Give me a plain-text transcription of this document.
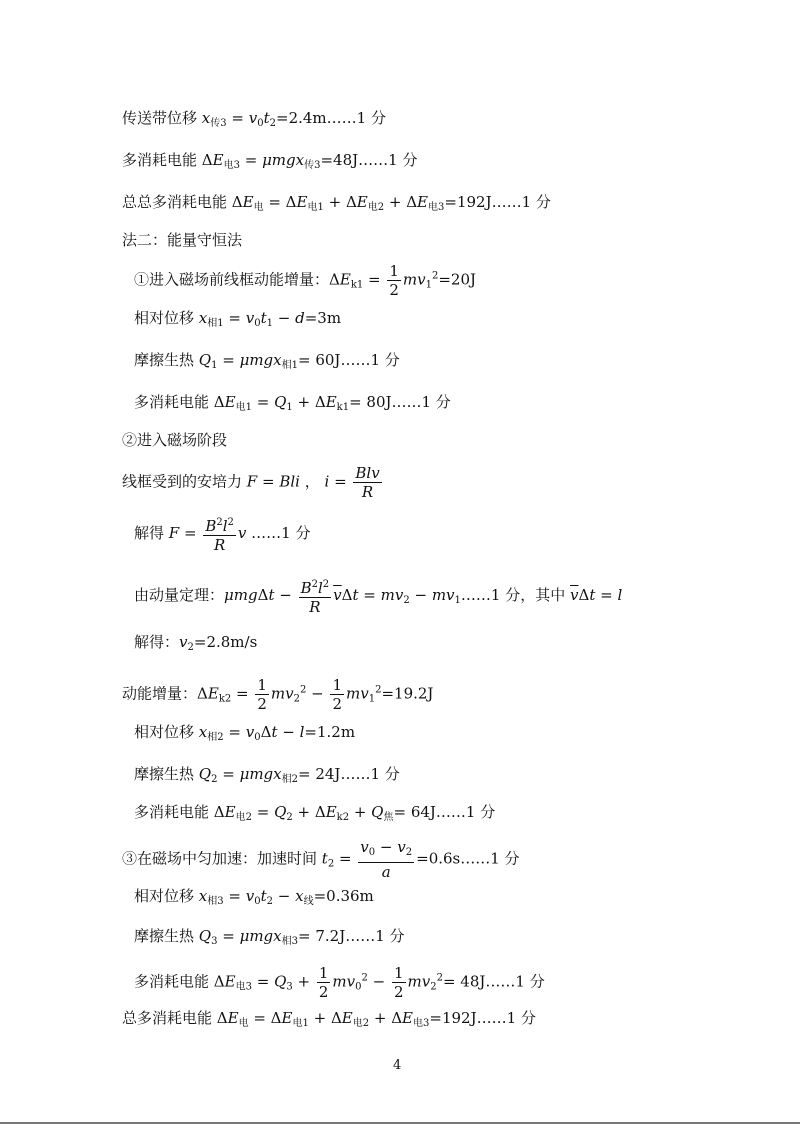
传送带位移 $x_{传3}$ = $v_0t_2=2.4m\dots\dots 1$ 分
多消耗电能 $\Delta E_{电3}$ = μmgx$_{传3}$=48J……1 分
总总多消耗电能 $\Delta E_电 = \Delta E_{电1} + \Delta E_{电2}$ + $\Delta E_{电3}=192J\dots\dots 1$ 分
法二：能量守恒法
①进入磁场前线框动能增量：$\Delta E_{k1} = \frac{1}{2} mv_1^2=20J$
相对位移 $x_{相1} = v_0t_1 - d=3m$
摩擦生热 $Q_1 = \mu mgx_{相1}=$ 60J……1 分
多消耗电能 $\Delta E_{电1} = Q_1 + \Delta E_{k1}=$ 80J……1 分
②进入磁场阶段
线框受到的安培力 F = Bli ， $i = \frac{\text{Blv}}{R}$
解得 $F = \frac{B^2l^2}{R}$ v ……1 分
由动量定理：$\mu mg\Delta t - \frac{B^2l^2}{R} \overline{v}\Delta t = mv_2$ − $mv_1\dots\dots 1$ 分，其中 $\overline{v}\Delta t = l$
解得：$v_2=2.8m/s$
动能增量：$\Delta E_{k2} = \frac{1}{2} mv_2^2 - \frac{1}{2} mv_1^2=19.2J$
相对位移 $x_{相2} = v_0\Delta t - l=1.2m$
摩擦生热 $Q_2 = \mu mgx_{相2}=$ 24J……1 分
多消耗电能 $\Delta E_{电2} = Q_2 + \Delta E_{k2} + Q_焦=$ 64J……1 分
③在磁场中匀加速：加速时间 $t_2 = \frac{v_0 - v_2}{a}$ =0.6s……1 分
相对位移 $x_{相3} = v_0t_2 - x_线=0.36m$
摩擦生热 $Q_3 = \mu mgx_{相3}=$ 7.2J……1 分
多消耗电能 $\Delta E_{电3} = Q_3 + \frac{1}{2} mv_0^2 - \frac{1}{2} mv_2^2=$ 48J……1 分
总多消耗电能 $\Delta E_电 = \Delta E_{电1} + \Delta E_{电2}$ + $\Delta E_{电3}=192J\dots\dots 1$ 分
4
